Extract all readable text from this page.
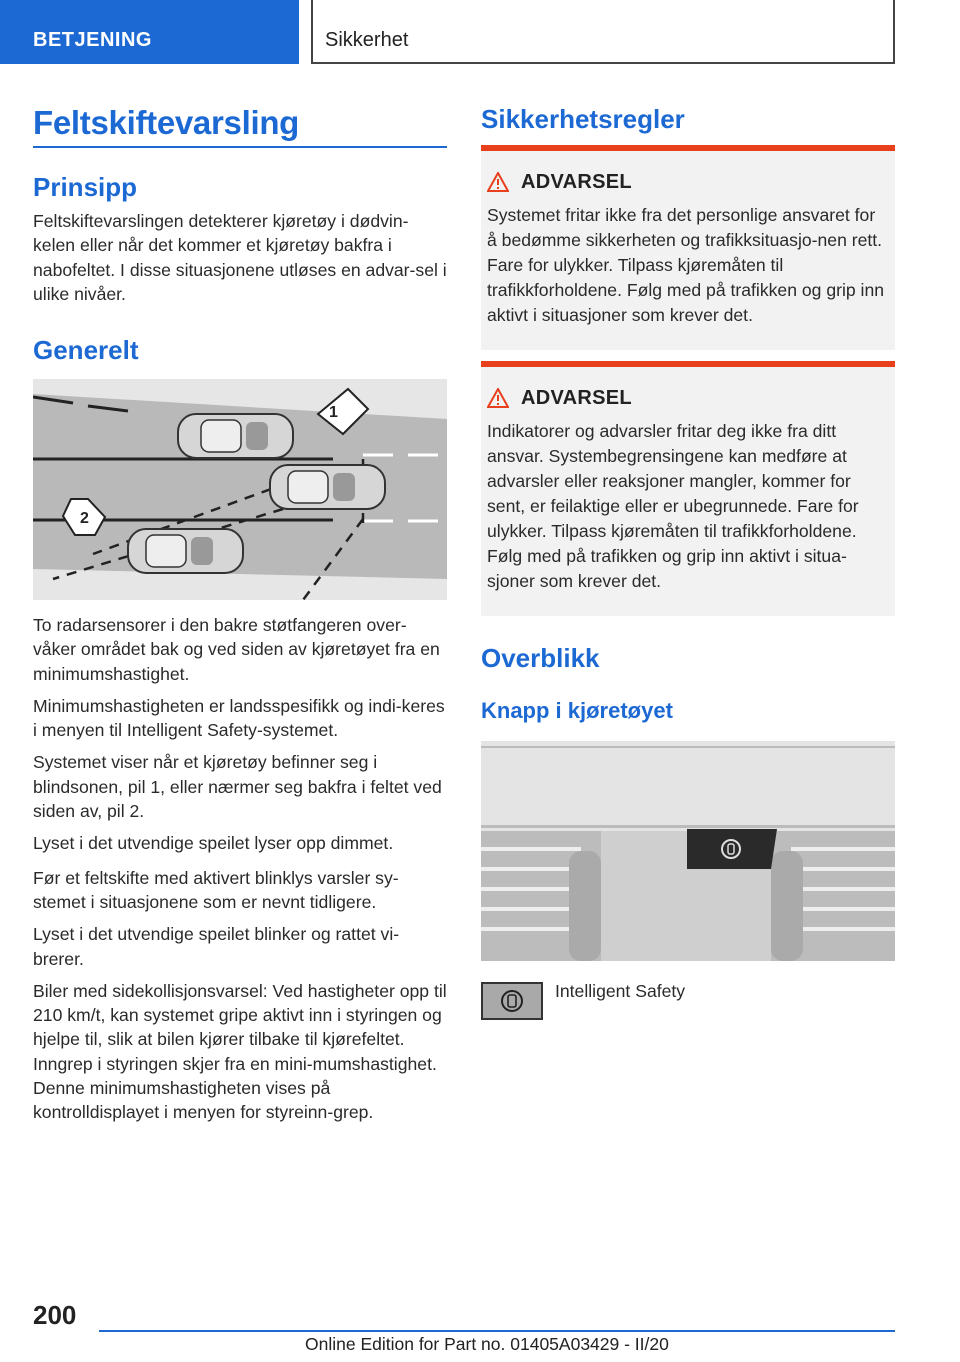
BETJENING	Sikkerhet
Feltskiftevarsling
Prinsipp

Feltskiftevarslingen detekterer kjøretøy i dødvin-kelen eller når det kommer et kjøretøy bakfra i nabofeltet. I disse situasjonene utløses en advar-sel i ulike nivåer.

Generelt
1
2

To radarsensorer i den bakre støtfangeren over-våker området bak og ved siden av kjøretøyet fra en minimumshastighet.

Minimumshastigheten er landsspesifikk og indi-keres i menyen til Intelligent Safety-systemet.

Systemet viser når et kjøretøy befinner seg i blindsonen, pil 1, eller nærmer seg bakfra i feltet ved siden av, pil 2.

Lyset i det utvendige speilet lyser opp dimmet.

Før et feltskifte med aktivert blinklys varsler sy-stemet i situasjonene som er nevnt tidligere.

Lyset i det utvendige speilet blinker og rattet vi-brerer.

Biler med sidekollisjonsvarsel: Ved hastigheter opp til 210 km/t, kan systemet gripe aktivt inn i styringen og hjelpe til, slik at bilen kjører tilbake til kjørefeltet. Inngrep i styringen skjer fra en mini-mumshastighet. Denne minimumshastigheten vises på kontrolldisplayet i menyen for styreinn-grep.

Sikkerhetsregler
ADVARSEL
Systemet fritar ikke fra det personlige ansvaret for å bedømme sikkerheten og trafikksituasjo-nen rett. Fare for ulykker. Tilpass kjøremåten til trafikkforholdene. Følg med på trafikken og grip inn aktivt i situasjoner som krever det.
ADVARSEL
Indikatorer og advarsler fritar deg ikke fra ditt ansvar. Systembegrensingene kan medføre at advarsler eller reaksjoner mangler, kommer for sent, er feilaktige eller er ubegrunnede. Fare for ulykker. Tilpass kjøremåten til trafikkforholdene. Følg med på trafikken og grip inn aktivt i situa-sjoner som krever det.
Overblikk
Knapp i kjøretøyet
Intelligent Safety
200
Online Edition for Part no. 01405A03429 - II/20
